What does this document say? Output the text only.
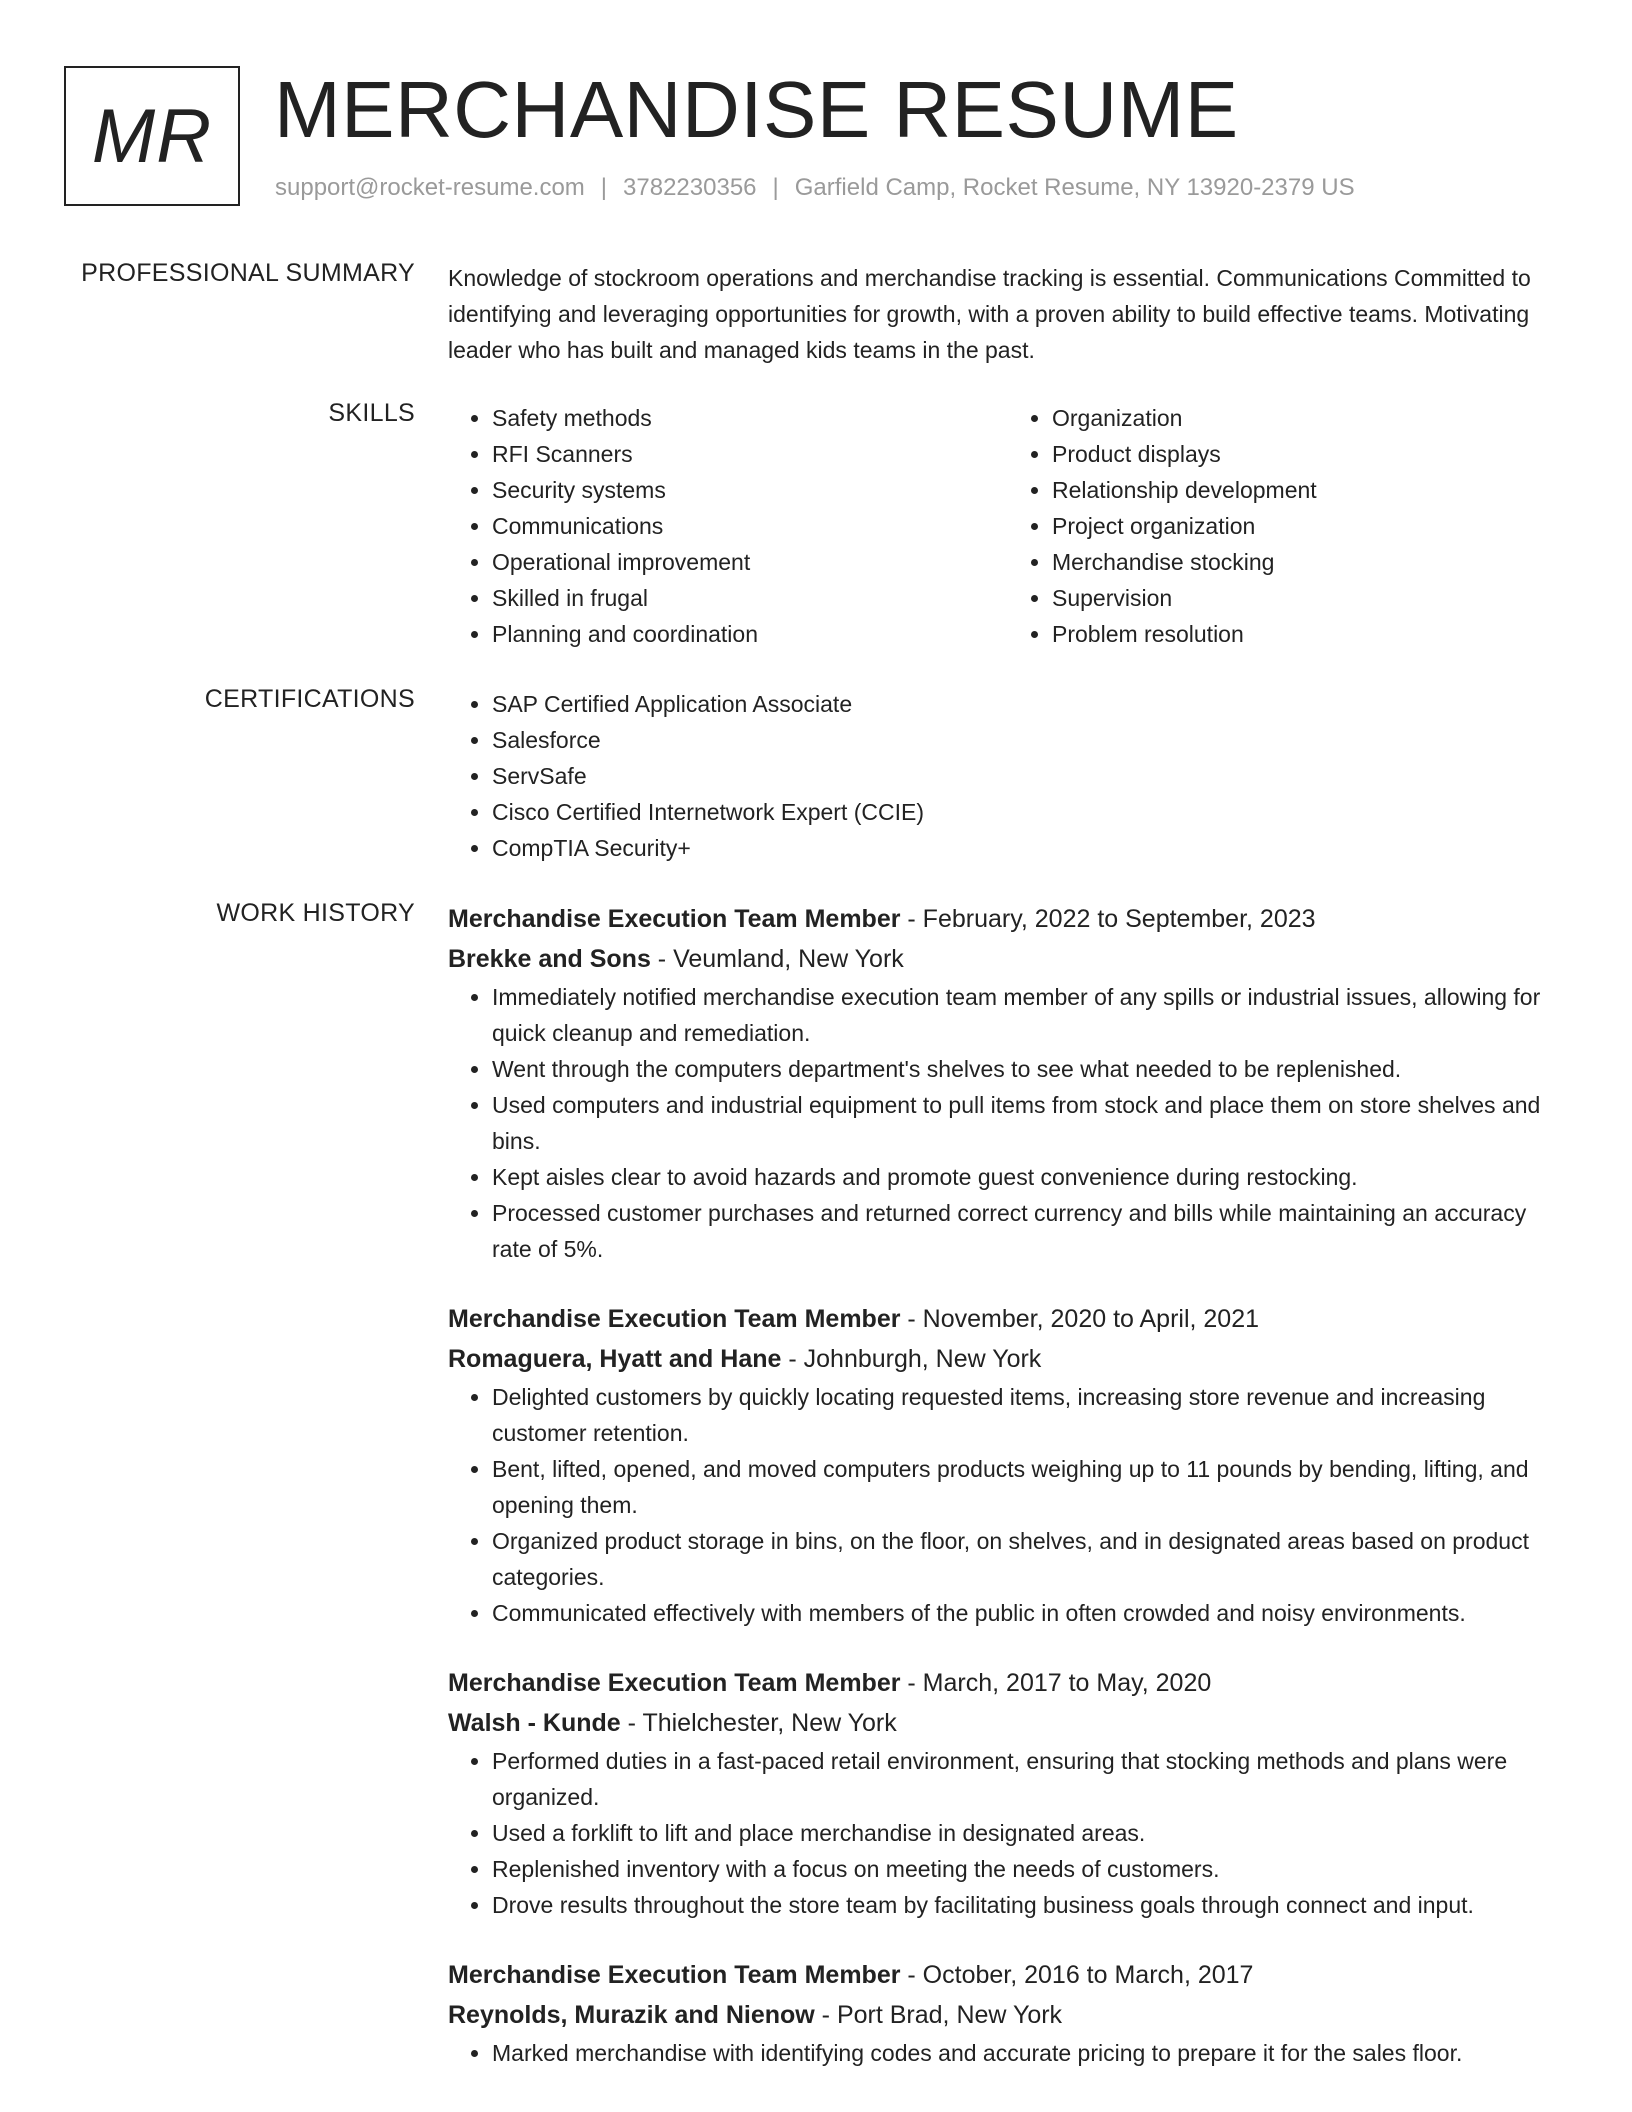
MR MERCHANDISE RESUME
support@rocket-resume.com | 3782230356 | Garfield Camp, Rocket Resume, NY 13920-2379 US
PROFESSIONAL SUMMARY Knowledge of stockroom operations and merchandise tracking is essential. Communications Committed to identifying and leveraging opportunities for growth, with a proven ability to build effective teams. Motivating leader who has built and managed kids teams in the past.

SKILLS	• Safety methods
• RFI Scanners
• Security systems
• Communications
• Operational improvement
• Skilled in frugal
• Planning and coordination
• Organization
• Product displays
• Relationship development
• Project organization
• Merchandise stocking
• Supervision
• Problem resolution
CERTIFICATIONS	• SAP Certified Application Associate
• Salesforce
• ServSafe
• Cisco Certified Internetwork Expert (CCIE)
• CompTIA Security+
WORK HISTORY Merchandise Execution Team Member - February, 2022 to September, 2023
Brekke and Sons - Veumland, New York
• Immediately notified merchandise execution team member of any spills or industrial issues, allowing for quick cleanup and remediation.
• Went through the computers department's shelves to see what needed to be replenished.
• Used computers and industrial equipment to pull items from stock and place them on store shelves and bins.
• Kept aisles clear to avoid hazards and promote guest convenience during restocking.
• Processed customer purchases and returned correct currency and bills while maintaining an accuracy rate of 5%.
Merchandise Execution Team Member - November, 2020 to April, 2021
Romaguera, Hyatt and Hane - Johnburgh, New York
• Delighted customers by quickly locating requested items, increasing store revenue and increasing customer retention.
• Bent, lifted, opened, and moved computers products weighing up to 11 pounds by bending, lifting, and opening them.
• Organized product storage in bins, on the floor, on shelves, and in designated areas based on product categories.
• Communicated effectively with members of the public in often crowded and noisy environments.
Merchandise Execution Team Member - March, 2017 to May, 2020
Walsh - Kunde - Thielchester, New York
• Performed duties in a fast-paced retail environment, ensuring that stocking methods and plans were organized.
• Used a forklift to lift and place merchandise in designated areas.
• Replenished inventory with a focus on meeting the needs of customers.
• Drove results throughout the store team by facilitating business goals through connect and input.
Merchandise Execution Team Member - October, 2016 to March, 2017
Reynolds, Murazik and Nienow - Port Brad, New York
• Marked merchandise with identifying codes and accurate pricing to prepare it for the sales floor.
